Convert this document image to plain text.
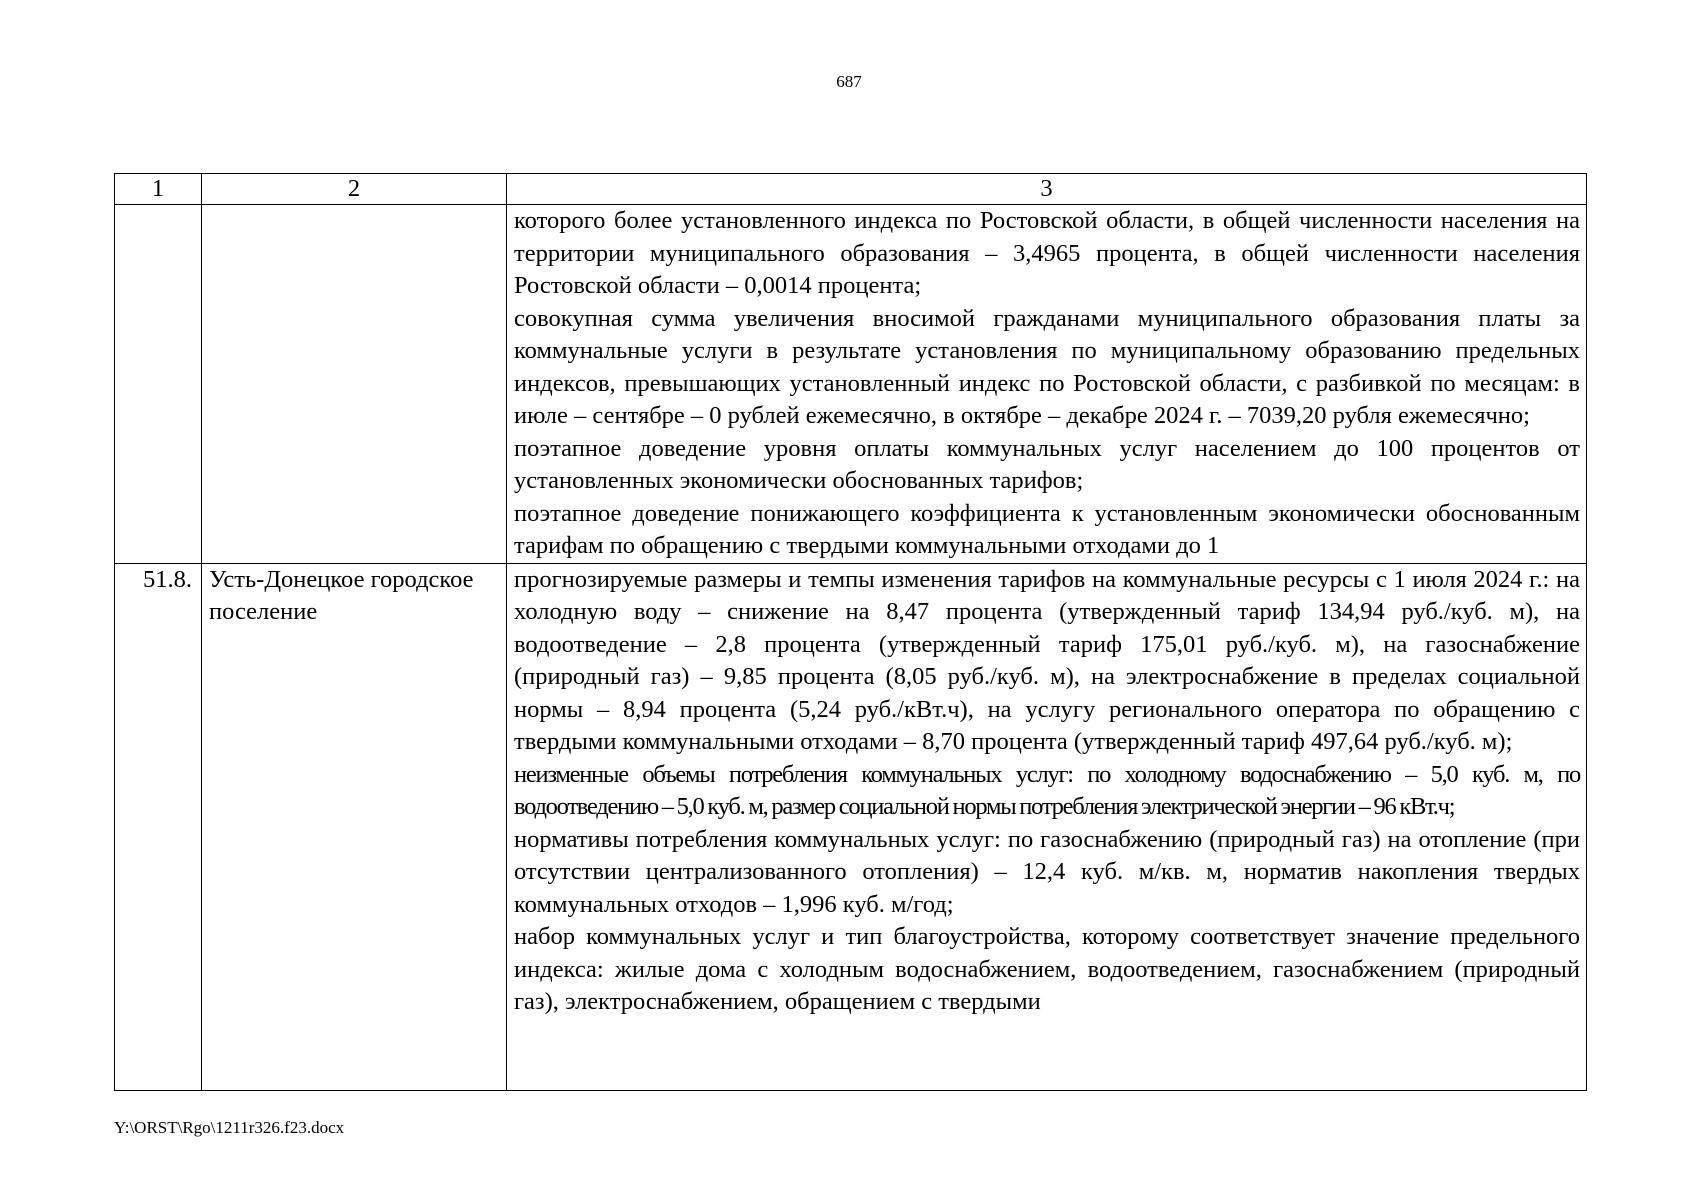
687
1	2	3

		которого более установленного индекса по Ростовской области, в общей численности населения на территории муниципального образования – 3,4965 процента, в общей численности населения Ростовской области – 0,0014 процента;
совокупная сумма увеличения вносимой гражданами муниципального образования платы за коммунальные услуги в результате установления по муниципальному образованию предельных индексов, превышающих установленный индекс по Ростовской области, с разбивкой по месяцам: в июле – сентябре – 0 рублей ежемесячно, в октябре – декабре 2024 г. – 7039,20 рубля ежемесячно;
поэтапное доведение уровня оплаты коммунальных услуг населением до 100 процентов от установленных экономически обоснованных тарифов;
поэтапное доведение понижающего коэффициента к установленным экономически обоснованным тарифам по обращению с твердыми коммунальными отходами до 1

51.8.	Усть-Донецкое городское поселение	прогнозируемые размеры и темпы изменения тарифов на коммунальные ресурсы с 1 июля 2024 г.: на холодную воду – снижение на 8,47 процента (утвержденный тариф 134,94 руб./куб. м), на водоотведение – 2,8 процента (утвержденный тариф 175,01 руб./куб. м), на газоснабжение (природный газ) – 9,85 процента (8,05 руб./куб. м), на электроснабжение в пределах социальной нормы – 8,94 процента (5,24 руб./кВт.ч), на услугу регионального оператора по обращению с твердыми коммунальными отходами – 8,70 процента (утвержденный тариф 497,64 руб./куб. м);
неизменные объемы потребления коммунальных услуг: по холодному водоснабжению – 5,0 куб. м, по водоотведению – 5,0 куб. м, размер социальной нормы потребления электрической энергии – 96 кВт.ч;
нормативы потребления коммунальных услуг: по газоснабжению (природный газ) на отопление (при отсутствии централизованного отопления) – 12,4 куб. м/кв. м, норматив накопления твердых коммунальных отходов – 1,996 куб. м/год;
набор коммунальных услуг и тип благоустройства, которому соответствует значение предельного индекса: жилые дома с холодным водоснабжением, водоотведением, газоснабжением (природный газ), электроснабжением, обращением с твердыми
Y:\ORST\Rgo\1211r326.f23.docx
